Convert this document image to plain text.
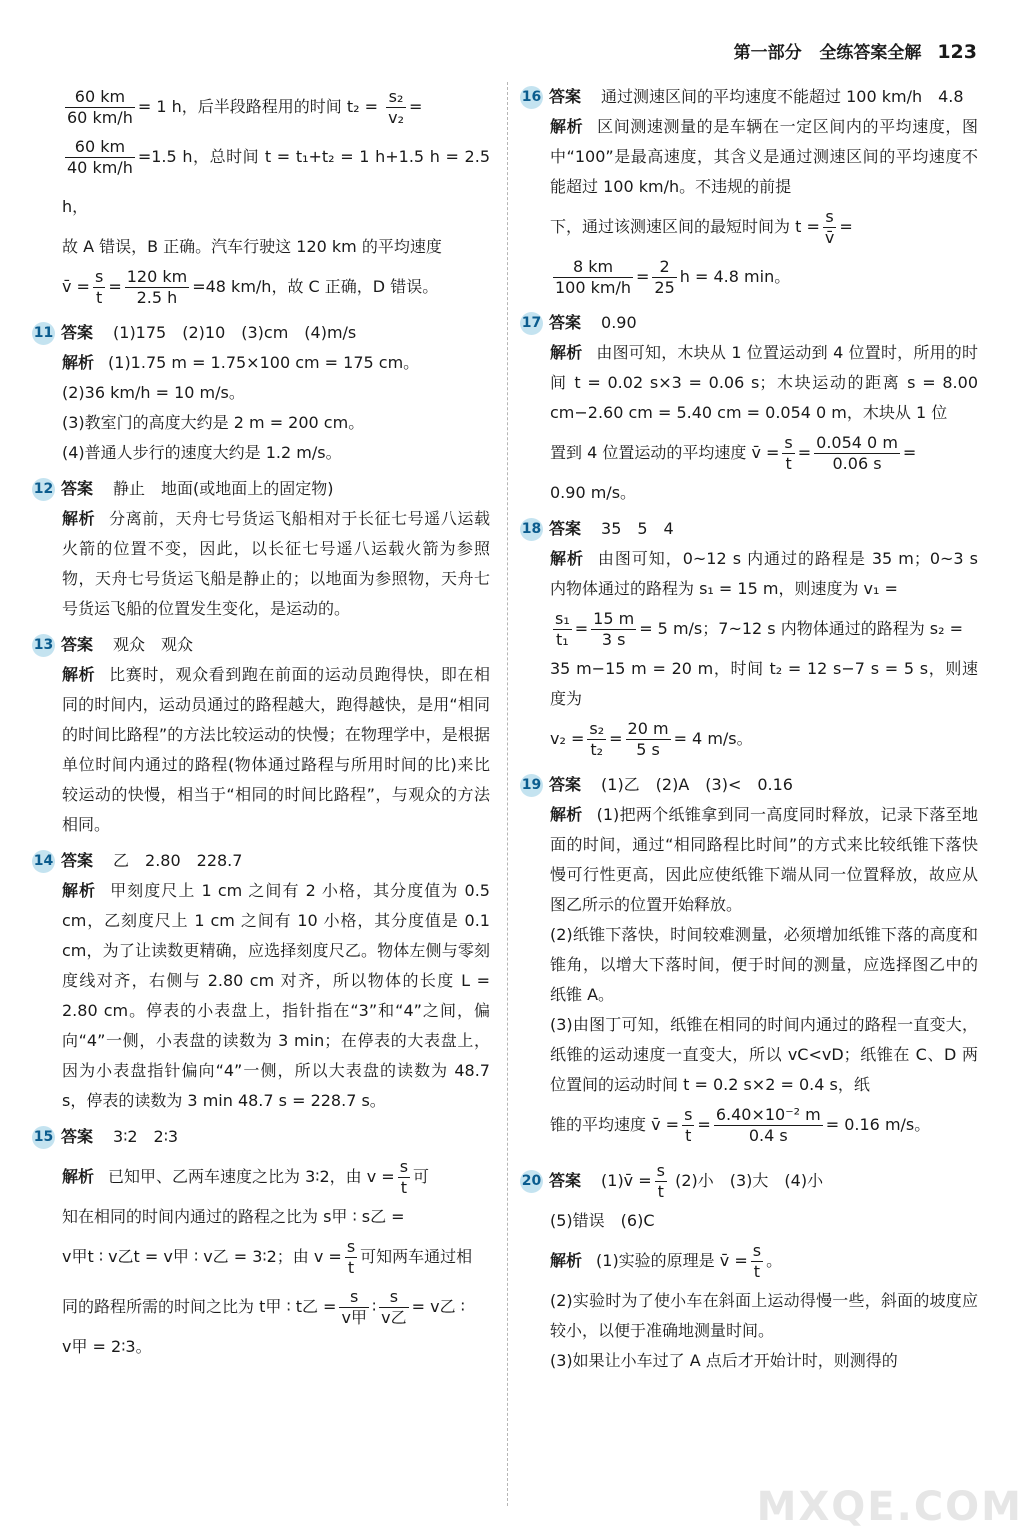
第一部分 全练答案全解 123
$\frac{60 km}{60 km/h} = 1$ h，后半段路程用的时间 $t_2 = \frac{\text{s₂}}{\text{v₂}}$ =
$\frac{60 km}{40 km/h} =1.5$ h，总时间 t = t₁+t₂ = 1 h+1.5 h = 2.5 h，
故 A 错误，B 正确。汽车行驶这 120 km 的平均速度
v̄ = $\frac{s}{t} = \frac{120 km}{2.5 h} =48$ km/h，故 C 正确，D 错误。
11 答案 (1)175　(2)10　(3)cm　(4)m/s
解析 (1)1.75 m = 1.75×100 cm = 175 cm。
(2)36 km/h = 10 m/s。
(3)教室门的高度大约是 2 m = 200 cm。
(4)普通人步行的速度大约是 1.2 m/s。
12 答案 静止　地面(或地面上的固定物)
解析 分离前，天舟七号货运飞船相对于长征七号遥八运载火箭的位置不变，因此，以长征七号遥八运载火箭为参照物，天舟七号货运飞船是静止的；以地面为参照物，天舟七号货运飞船的位置发生变化，是运动的。
13 答案 观众　观众
解析 比赛时，观众看到跑在前面的运动员跑得快，即在相同的时间内，运动员通过的路程越大，跑得越快，是用“相同的时间比路程”的方法比较运动的快慢；在物理学中，是根据单位时间内通过的路程(物体通过路程与所用时间的比)来比较运动的快慢，相当于“相同的时间比路程”，与观众的方法相同。
14 答案 乙　2.80　228.7
解析 甲刻度尺上 1 cm 之间有 2 小格，其分度值为 0.5 cm，乙刻度尺上 1 cm 之间有 10 小格，其分度值是 0.1 cm，为了让读数更精确，应选择刻度尺乙。物体左侧与零刻度线对齐，右侧与 2.80 cm 对齐，所以物体的长度 L = 2.80 cm。停表的小表盘上，指针指在“3”和“4”之间，偏向“4”一侧，小表盘的读数为 3 min；在停表的大表盘上，因为小表盘指针偏向“4”一侧，所以大表盘的读数为 48.7 s，停表的读数为 3 min 48.7 s = 228.7 s。
15 答案 3∶2　2∶3
解析 已知甲、乙两车速度之比为 3∶2，由 $v = \frac{s}{t}$ 可
知在相同的时间内通过的路程之比为 s甲 ∶ s乙 =
v甲t ∶ v乙t = v甲 ∶ v乙 = 3∶2；由 $v = \frac{s}{t}$ 可知两车通过相
同的路程所需的时间之比为 t甲 ∶ t乙 = $\frac{s}{\text{v甲}}$ ∶ $\frac{s}{\text{v乙}} = v$乙 ∶
v甲 = 2∶3。
16 答案 通过测速区间的平均速度不能超过 100 km/h　4.8
解析 区间测速测量的是车辆在一定区间内的平均速度，图中“100”是最高速度，其含义是通过测速区间的平均速度不能超过 100 km/h。不违规的前提
下，通过该测速区间的最短时间为 $t = \frac{s}{v̄}$ =
$\frac{8 km}{100 km/h} = \frac{2}{25}$ h = 4.8 min。
17 答案 0.90
解析 由图可知，木块从 1 位置运动到 4 位置时，所用的时间 t = 0.02 s×3 = 0.06 s；木块运动的距离 s = 8.00 cm−2.60 cm = 5.40 cm = 0.054 0 m，木块从 1 位
置到 4 位置运动的平均速度 v̄ = $\frac{s}{t} = \frac{0.054 0 m}{0.06 s}$ =
0.90 m/s。
18 答案 35　5　4
解析 由图可知，0~12 s 内通过的路程是 35 m；0~3 s 内物体通过的路程为 s₁ = 15 m，则速度为 v₁ =
$\frac{\text{s₁}}{\text{t₁}} = \frac{15 m}{3 s} = 5$ m/s；7~12 s 内物体通过的路程为 s₂ =
35 m−15 m = 20 m，时间 t₂ = 12 s−7 s = 5 s，则速度为
$v_2 = \frac{\text{s₂}}{\text{t₂}} = \frac{20 m}{5 s} = 4$ m/s。
19 答案 (1)乙　(2)A　(3)<　0.16
解析 (1)把两个纸锥拿到同一高度同时释放，记录下落至地面的时间，通过“相同路程比时间”的方式来比较纸锥下落快慢可行性更高，因此应使纸锥下端从同一位置释放，故应从图乙所示的位置开始释放。
(2)纸锥下落快，时间较难测量，必须增加纸锥下落的高度和锥角，以增大下落时间，便于时间的测量，应选择图乙中的纸锥 A。
(3)由图丁可知，纸锥在相同的时间内通过的路程一直变大，纸锥的运动速度一直变大，所以 vC<vD；纸锥在 C、D 两位置间的运动时间 t = 0.2 s×2 = 0.4 s，纸
锥的平均速度 v̄ = $\frac{s}{t} = \frac{\text{6.40×10⁻² m}}{0.4 s} = 0.16$ m/s。
20 答案 (1)v̄ = $\frac{s}{t}$
(2)小　(3)大　(4)小
(5)错误　(6)C
解析 (1)实验的原理是 v̄ = $\frac{s}{t}$ 。
(2)实验时为了使小车在斜面上运动得慢一些，斜面的坡度应较小，以便于准确地测量时间。
(3)如果让小车过了 A 点后才开始计时，则测得的
MXQE.COM
